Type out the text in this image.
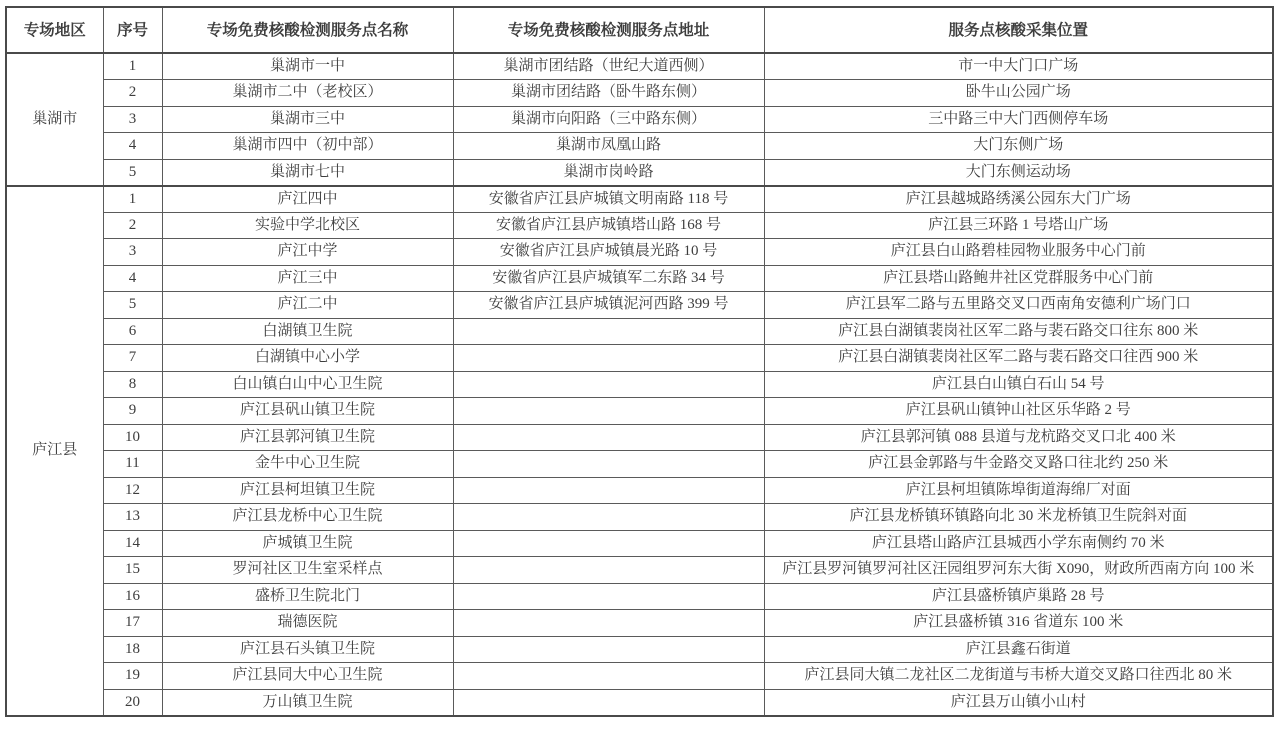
专场地区	序号	专场免费核酸检测服务点名称	专场免费核酸检测服务点地址	服务点核酸采集位置
巢湖市	1	巢湖市一中	巢湖市团结路（世纪大道西侧）	市一中大门口广场
	2	巢湖市二中（老校区）	巢湖市团结路（卧牛路东侧）	卧牛山公园广场
	3	巢湖市三中	巢湖市向阳路（三中路东侧）	三中路三中大门西侧停车场
	4	巢湖市四中（初中部）	巢湖市凤凰山路	大门东侧广场
	5	巢湖市七中	巢湖市岗岭路	大门东侧运动场
庐江县	1	庐江四中	安徽省庐江县庐城镇文明南路 118 号	庐江县越城路绣溪公园东大门广场
	2	实验中学北校区	安徽省庐江县庐城镇塔山路 168 号	庐江县三环路 1 号塔山广场
	3	庐江中学	安徽省庐江县庐城镇晨光路 10 号	庐江县白山路碧桂园物业服务中心门前
	4	庐江三中	安徽省庐江县庐城镇军二东路 34 号	庐江县塔山路鲍井社区党群服务中心门前
	5	庐江二中	安徽省庐江县庐城镇泥河西路 399 号	庐江县军二路与五里路交叉口西南角安德利广场门口
	6	白湖镇卫生院		庐江县白湖镇裴岗社区军二路与裴石路交口往东 800 米
	7	白湖镇中心小学		庐江县白湖镇裴岗社区军二路与裴石路交口往西 900 米
	8	白山镇白山中心卫生院		庐江县白山镇白石山 54 号
	9	庐江县矾山镇卫生院		庐江县矾山镇钟山社区乐华路 2 号
	10	庐江县郭河镇卫生院		庐江县郭河镇 088 县道与龙杭路交叉口北 400 米
	11	金牛中心卫生院		庐江县金郭路与牛金路交叉路口往北约 250 米
	12	庐江县柯坦镇卫生院		庐江县柯坦镇陈埠街道海绵厂对面
	13	庐江县龙桥中心卫生院		庐江县龙桥镇环镇路向北 30 米龙桥镇卫生院斜对面
	14	庐城镇卫生院		庐江县塔山路庐江县城西小学东南侧约 70 米
	15	罗河社区卫生室采样点		庐江县罗河镇罗河社区汪园组罗河东大街 X090，财政所西南方向 100 米
	16	盛桥卫生院北门		庐江县盛桥镇庐巢路 28 号
	17	瑞德医院		庐江县盛桥镇 316 省道东 100 米
	18	庐江县石头镇卫生院		庐江县鑫石街道
	19	庐江县同大中心卫生院		庐江县同大镇二龙社区二龙街道与韦桥大道交叉路口往西北 80 米
	20	万山镇卫生院		庐江县万山镇小山村
